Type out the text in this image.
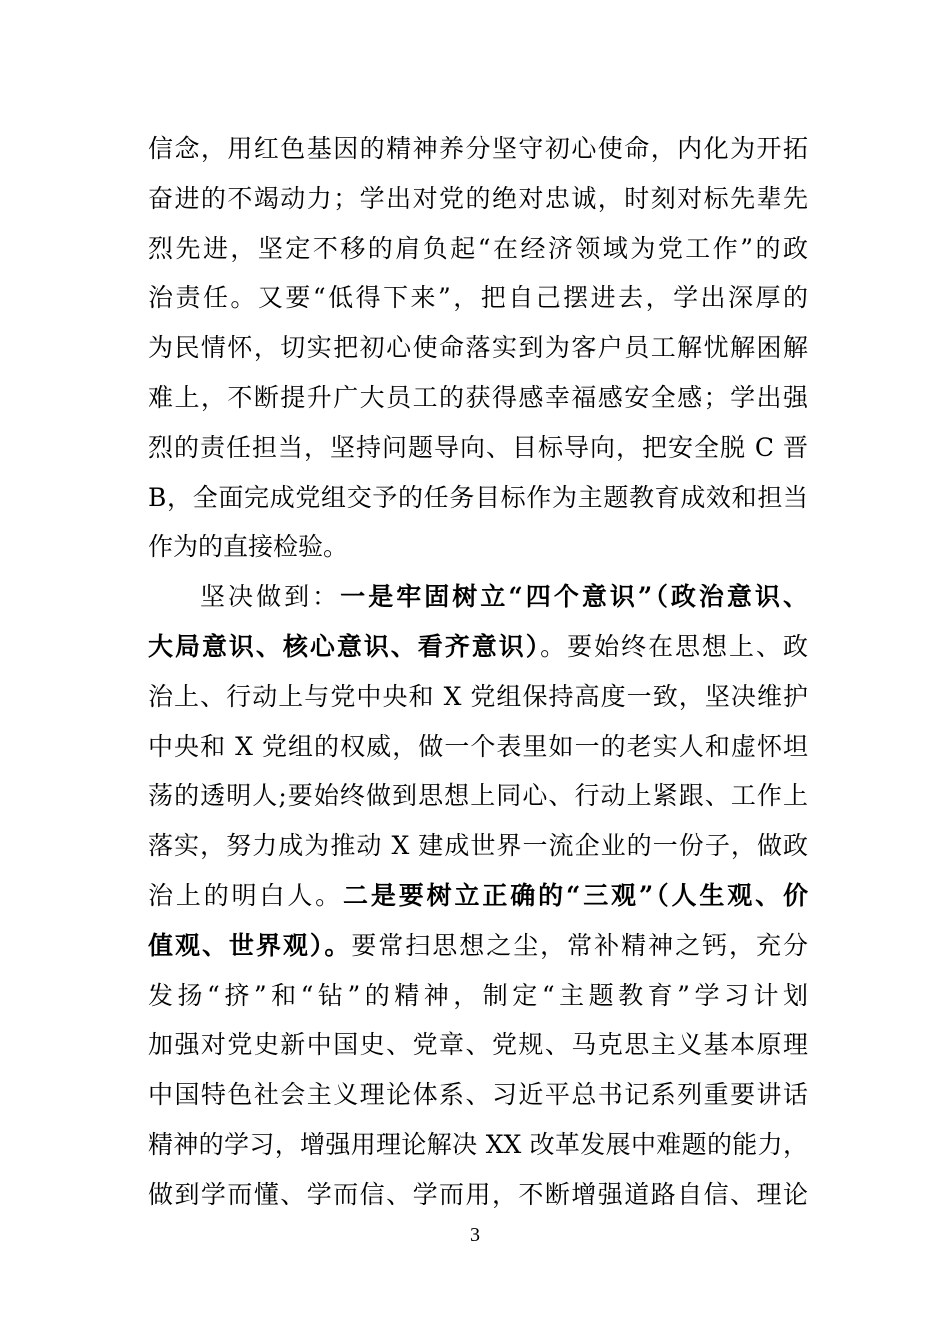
信念，用红色基因的精神养分坚守初心使命，内化为开拓
奋进的不竭动力；学出对党的绝对忠诚，时刻对标先辈先
烈先进，坚定不移的肩负起“在经济领域为党工作”的政
治责任。又要“低得下来”，把自己摆进去，学出深厚的
为民情怀，切实把初心使命落实到为客户员工解忧解困解
难上，不断提升广大员工的获得感幸福感安全感；学出强
烈的责任担当，坚持问题导向、目标导向，把安全脱 C 晋
B，全面完成党组交予的任务目标作为主题教育成效和担当
作为的直接检验。
坚决做到：一是牢固树立“四个意识”（政治意识、
大局意识、核心意识、看齐意识）。要始终在思想上、政
治上、行动上与党中央和 X 党组保持高度一致，坚决维护
中央和 X 党组的权威，做一个表里如一的老实人和虚怀坦
荡的透明人;要始终做到思想上同心、行动上紧跟、工作上
落实，努力成为推动 X 建成世界一流企业的一份子，做政
治上的明白人。二是要树立正确的“三观”（人生观、价
值观、世界观）。要常扫思想之尘，常补精神之钙，充分
发扬“挤”和“钻”的精神，制定“主题教育”学习计划
加强对党史新中国史、党章、党规、马克思主义基本原理
中国特色社会主义理论体系、习近平总书记系列重要讲话
精神的学习，增强用理论解决 XX 改革发展中难题的能力，
做到学而懂、学而信、学而用，不断增强道路自信、理论
3
